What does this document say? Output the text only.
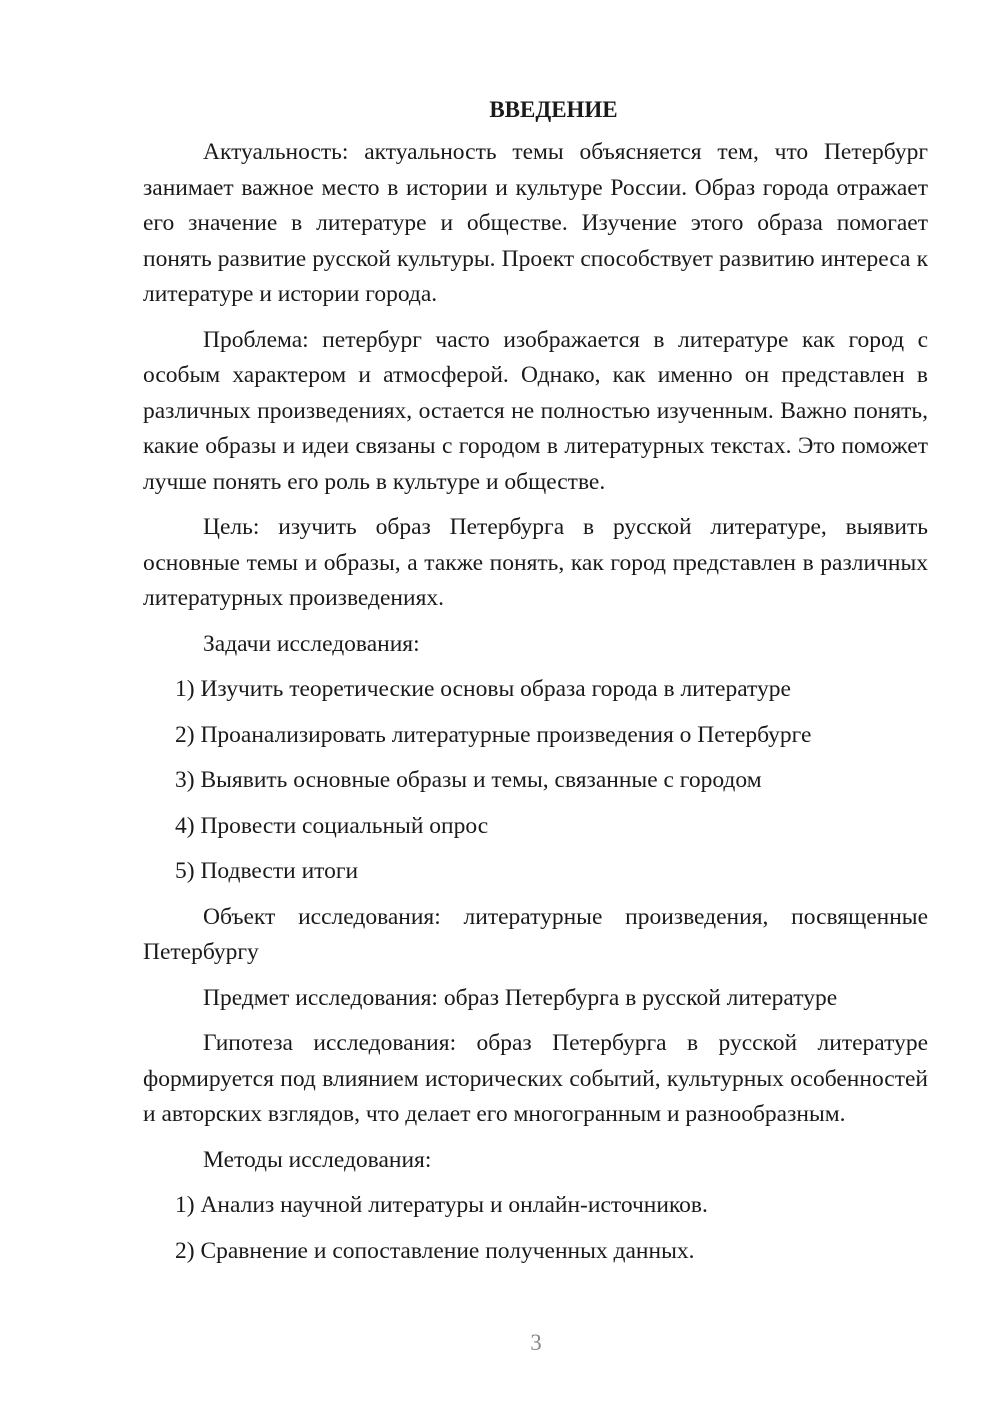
ВВЕДЕНИЕ

Актуальность: актуальность темы объясняется тем, что Петербург занимает важное место в истории и культуре России. Образ города отражает его значение в литературе и обществе. Изучение этого образа помогает понять развитие русской культуры. Проект способствует развитию интереса к литературе и истории города.

Проблема: петербург часто изображается в литературе как город с особым характером и атмосферой. Однако, как именно он представлен в различных произведениях, остается не полностью изученным. Важно понять, какие образы и идеи связаны с городом в литературных текстах. Это поможет лучше понять его роль в культуре и обществе.

Цель: изучить образ Петербурга в русской литературе, выявить основные темы и образы, а также понять, как город представлен в различных литературных произведениях.

Задачи исследования:

1) Изучить теоретические основы образа города в литературе

2) Проанализировать литературные произведения о Петербурге

3) Выявить основные образы и темы, связанные с городом

4) Провести социальный опрос

5) Подвести итоги

Объект исследования: литературные произведения, посвященные Петербургу

Предмет исследования: образ Петербурга в русской литературе

Гипотеза исследования: образ Петербурга в русской литературе формируется под влиянием исторических событий, культурных особенностей и авторских взглядов, что делает его многогранным и разнообразным.

Методы исследования:

1) Анализ научной литературы и онлайн-источников.

2) Сравнение и сопоставление полученных данных.

3
